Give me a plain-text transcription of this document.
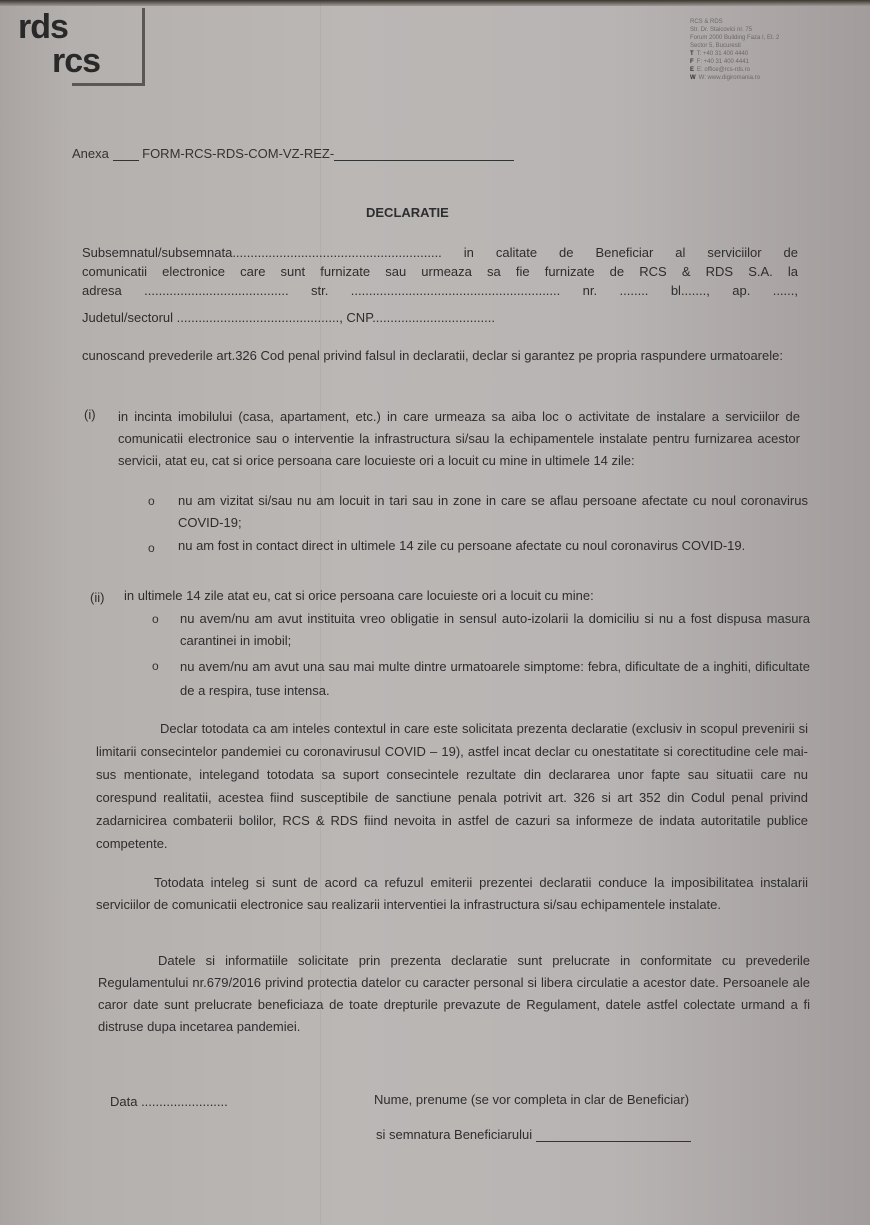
rds
rcs
RCS & RDS
Str. Dr. Staicovici nr. 75
Forum 2000 Building Faza I, Et. 2
Sector 5, Bucuresti
T T: +40 31 400 4440
F F: +40 31 400 4441
E E: office@rcs-rds.ro
W W: www.digiromania.ro
Anexa	FORM-RCS-RDS-COM-VZ-REZ-
DECLARATIE
Subsemnatul/subsemnata.......................................................... in calitate de Beneficiar al serviciilor de
comunicatii electronice care sunt furnizate sau urmeaza sa fie furnizate de RCS & RDS S.A. la
adresa ........................................ str. .......................................................... nr. ........ bl......., ap. ......,
Judetul/sectorul ............................................., CNP..................................
cunoscand prevederile art.326 Cod penal privind falsul in declaratii, declar si garantez pe propria raspundere urmatoarele:
(i) in incinta imobilului (casa, apartament, etc.) in care urmeaza sa aiba loc o activitate de instalare a serviciilor de comunicatii electronice sau o interventie la infrastructura si/sau la echipamentele instalate pentru furnizarea acestor servicii, atat eu, cat si orice persoana care locuieste ori a locuit cu mine in ultimele 14 zile:
o nu am vizitat si/sau nu am locuit in tari sau in zone in care se aflau persoane afectate cu noul coronavirus COVID-19;
o nu am fost in contact direct in ultimele 14 zile cu persoane afectate cu noul coronavirus COVID-19.
(ii) in ultimele 14 zile atat eu, cat si orice persoana care locuieste ori a locuit cu mine:
o nu avem/nu am avut instituita vreo obligatie in sensul auto-izolarii la domiciliu si nu a fost dispusa masura carantinei in imobil;
o nu avem/nu am avut una sau mai multe dintre urmatoarele simptome: febra, dificultate de a inghiti, dificultate de a respira, tuse intensa.
Declar totodata ca am inteles contextul in care este solicitata prezenta declaratie (exclusiv in scopul prevenirii si limitarii consecintelor pandemiei cu coronavirusul COVID – 19), astfel incat declar cu onestatitate si corectitudine cele mai-sus mentionate, intelegand totodata sa suport consecintele rezultate din declararea unor fapte sau situatii care nu corespund realitatii, acestea fiind susceptibile de sanctiune penala potrivit art. 326 si art 352 din Codul penal privind zadarnicirea combaterii bolilor, RCS & RDS fiind nevoita in astfel de cazuri sa informeze de indata autoritatile publice competente.
Totodata inteleg si sunt de acord ca refuzul emiterii prezentei declaratii conduce la imposibilitatea instalarii serviciilor de comunicatii electronice sau realizarii interventiei la infrastructura si/sau echipamentele instalate.
Datele si informatiile solicitate prin prezenta declaratie sunt prelucrate in conformitate cu prevederile Regulamentului nr.679/2016 privind protectia datelor cu caracter personal si libera circulatie a acestor date. Persoanele ale caror date sunt prelucrate beneficiaza de toate drepturile prevazute de Regulament, datele astfel colectate urmand a fi distruse dupa incetarea pandemiei.
Data ........................	Nume, prenume (se vor completa in clar de Beneficiar)
si semnatura Beneficiarului
